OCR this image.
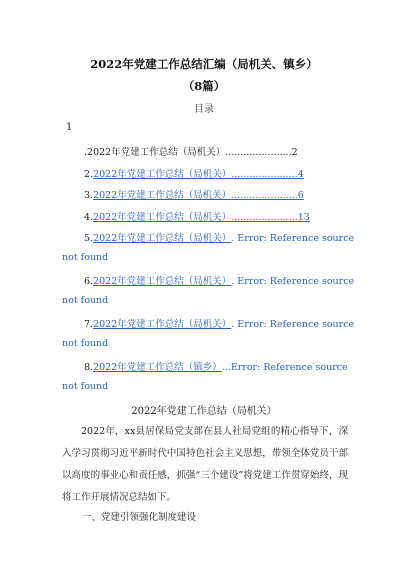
2022年党建工作总结汇编（局机关、镇乡）
（8篇）
目录
1
.2022年党建工作总结（局机关）......................2
2.2022年党建工作总结（局机关）......................4
3.2022年党建工作总结（局机关）......................6
4.2022年党建工作总结（局机关）......................13
5.2022年党建工作总结（局机关）. Error: Reference source
not found
6.2022年党建工作总结（局机关）. Error: Reference source
not found
7.2022年党建工作总结（局机关）. Error: Reference source
not found
8.2022年党建工作总结（镇乡）...Error: Reference source
not found
2022年党建工作总结（局机关）
2022年，xx县居保局党支部在县人社局党组的精心指导下，深入学习贯彻习近平新时代中国特色社会主义思想，带领全体党员干部以高度的事业心和责任感，抓强“三个建设”将党建工作贯穿始终，现将工作开展情况总结如下。
一、党建引领强化制度建设
